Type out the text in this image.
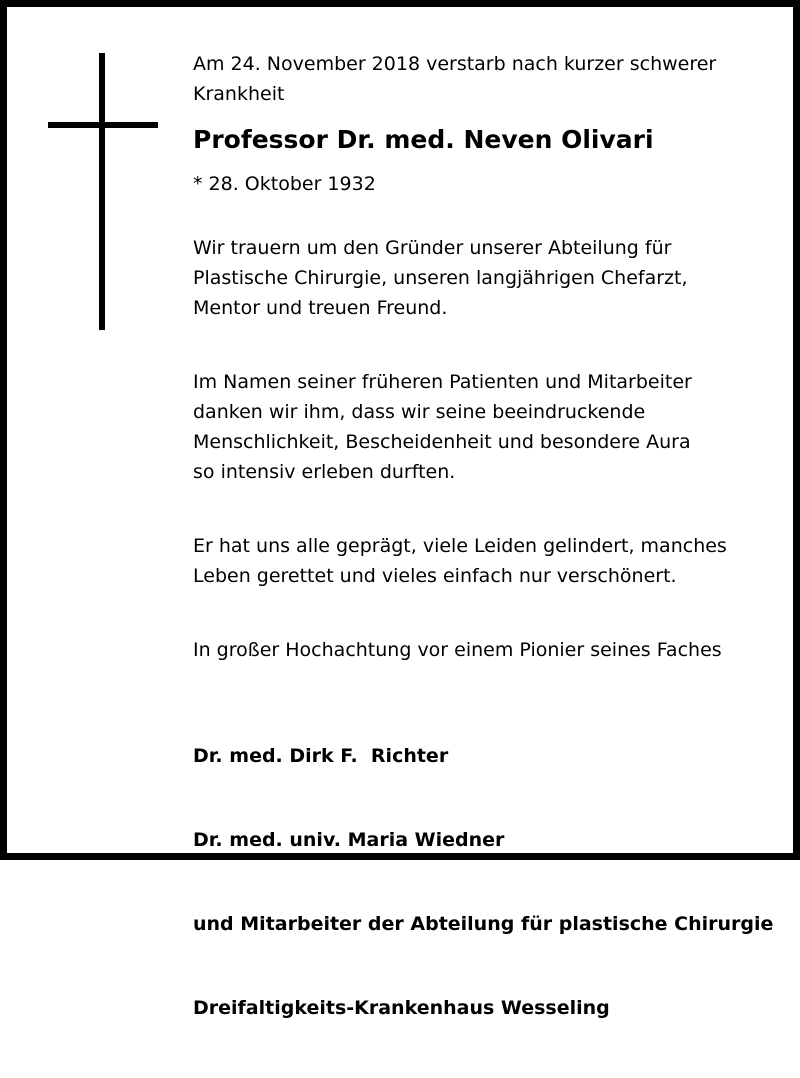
Am 24. November 2018 verstarb nach kurzer schwerer
Krankheit

Professor Dr. med. Neven Olivari

* 28. Oktober 1932

Wir trauern um den Gründer unserer Abteilung für
Plastische Chirurgie, unseren langjährigen Chefarzt,
Mentor und treuen Freund.

Im Namen seiner früheren Patienten und Mitarbeiter
danken wir ihm, dass wir seine beeindruckende
Menschlichkeit, Bescheidenheit und besondere Aura
so intensiv erleben durften.

Er hat uns alle geprägt, viele Leiden gelindert, manches
Leben gerettet und vieles einfach nur verschönert.

In großer Hochachtung vor einem Pionier seines Faches

Dr. med. Dirk F.  Richter

Dr. med. univ. Maria Wiedner

und Mitarbeiter der Abteilung für plastische Chirurgie

Dreifaltigkeits-Krankenhaus Wesseling
